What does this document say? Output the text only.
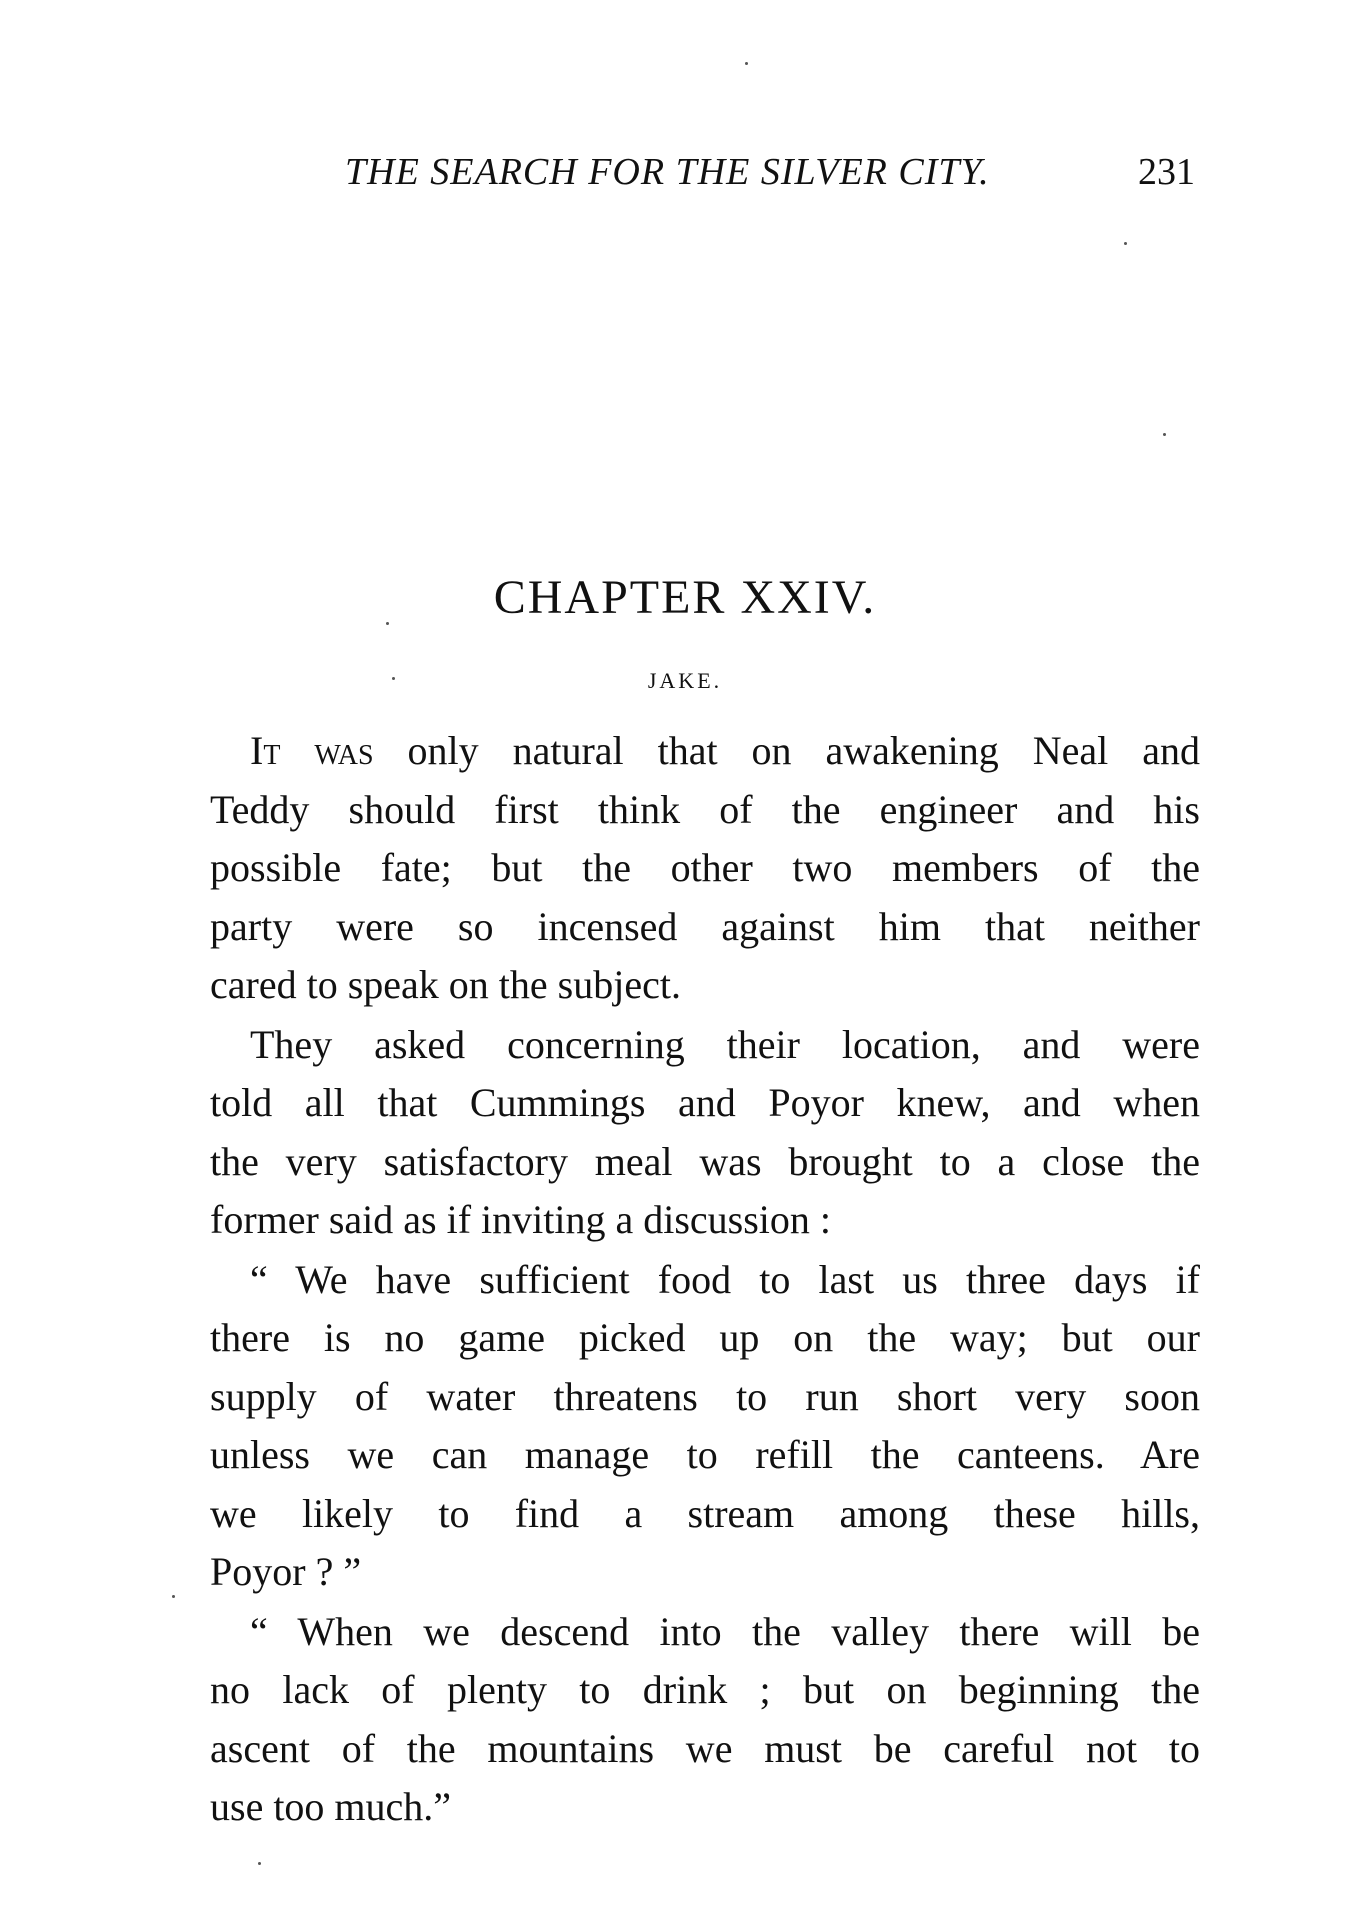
THE SEARCH FOR THE SILVER CITY.	231
CHAPTER XXIV.
JAKE.
It was only natural that on awakening Neal and
Teddy should first think of the engineer and his
possible fate; but the other two members of the
party were so incensed against him that neither
cared to speak on the subject.
They asked concerning their location, and were
told all that Cummings and Poyor knew, and when
the very satisfactory meal was brought to a close the
former said as if inviting a discussion :
“ We have sufficient food to last us three days if
there is no game picked up on the way; but our
supply of water threatens to run short very soon
unless we can manage to refill the canteens. Are
we likely to find a stream among these hills,
Poyor ? ”
“ When we descend into the valley there will be
no lack of plenty to drink ; but on beginning the
ascent of the mountains we must be careful not to
use too much.”
